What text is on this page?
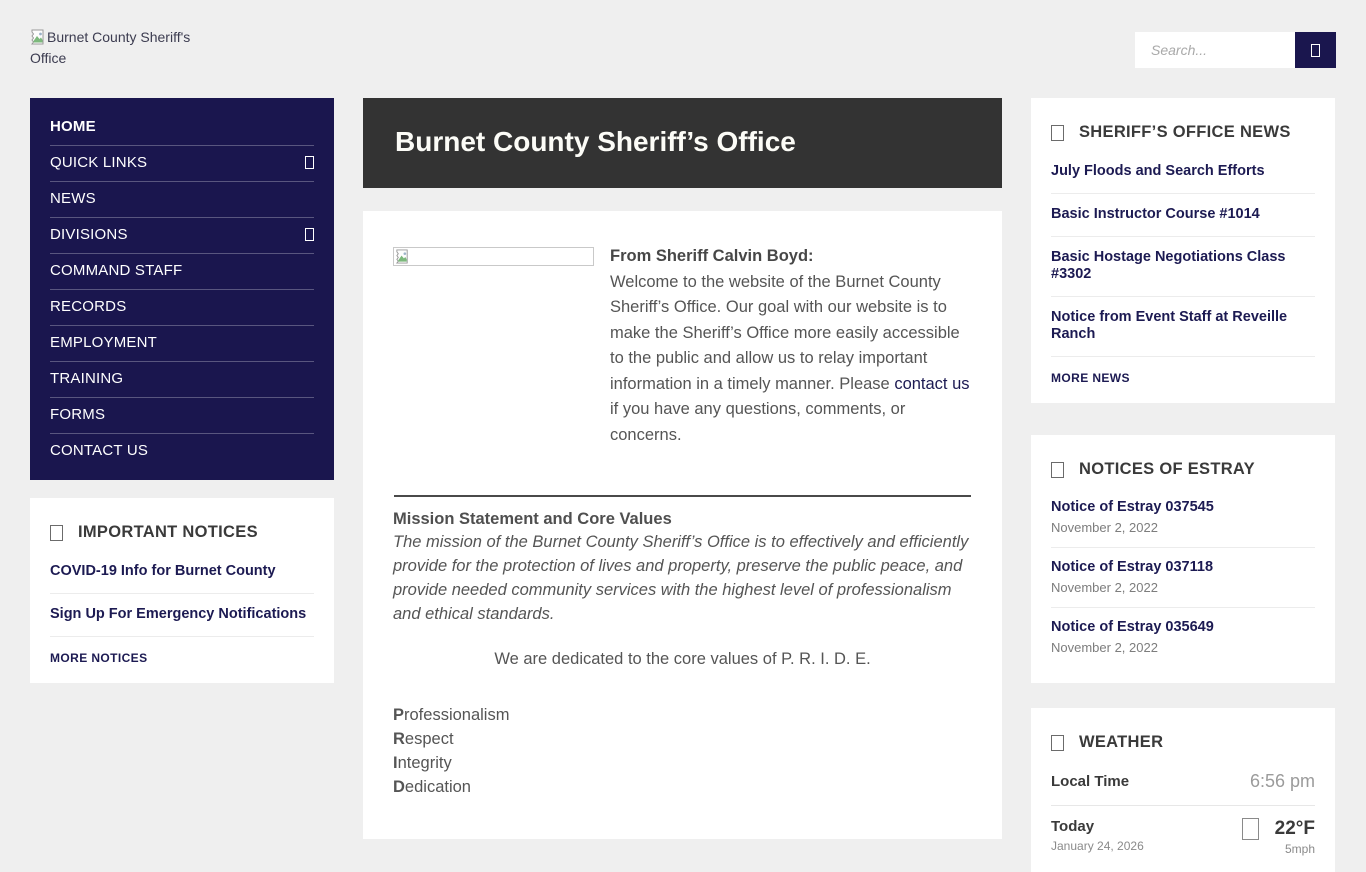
Burnet County Sheriff's Office
Search...
HOME
QUICK LINKS
NEWS
DIVISIONS
COMMAND STAFF
RECORDS
EMPLOYMENT
TRAINING
FORMS
CONTACT US
IMPORTANT NOTICES
COVID-19 Info for Burnet County
Sign Up For Emergency Notifications
MORE NOTICES
Burnet County Sheriff’s Office
From Sheriff Calvin Boyd:
Welcome to the website of the Burnet County Sheriff’s Office. Our goal with our website is to make the Sheriff’s Office more easily accessible to the public and allow us to relay important information in a timely manner. Please contact us if you have any questions, comments, or concerns.
Mission Statement and Core Values
The mission of the Burnet County Sheriff’s Office is to effectively and efficiently provide for the protection of lives and property, preserve the public peace, and provide needed community services with the highest level of professionalism and ethical standards.
We are dedicated to the core values of P. R. I. D. E.
Professionalism
Respect
Integrity
Dedication
SHERIFF’S OFFICE NEWS
July Floods and Search Efforts
Basic Instructor Course #1014
Basic Hostage Negotiations Class #3302
Notice from Event Staff at Reveille Ranch
MORE NEWS
NOTICES OF ESTRAY
Notice of Estray 037545
November 2, 2022
Notice of Estray 037118
November 2, 2022
Notice of Estray 035649
November 2, 2022
WEATHER
Local Time	6:56 pm
Today
January 24, 2026
22°F
5mph
